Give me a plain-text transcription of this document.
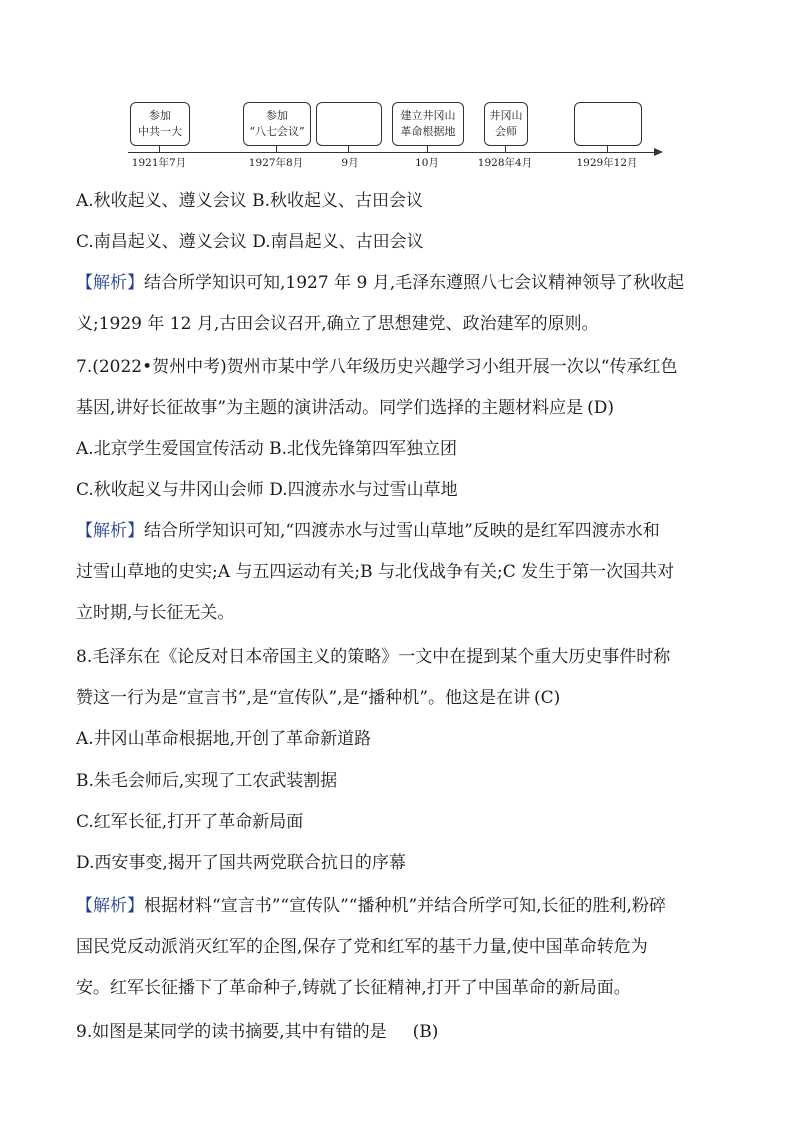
参加
中共一大
参加
“八七会议”
建立井冈山
革命根据地
井冈山
会师
1921年7月	1927年8月	9月	10月	1928年4月	1929年12月
A.秋收起义、遵义会议 B.秋收起义、古田会议
C.南昌起义、遵义会议 D.南昌起义、古田会议
【解析】结合所学知识可知,1927 年 9 月,毛泽东遵照八七会议精神领导了秋收起
义;1929 年 12 月,古田会议召开,确立了思想建党、政治建军的原则。
7.(2022•贺州中考)贺州市某中学八年级历史兴趣学习小组开展一次以“传承红色
基因,讲好长征故事”为主题的演讲活动。同学们选择的主题材料应是 (D)
A.北京学生爱国宣传活动 B.北伐先锋第四军独立团
C.秋收起义与井冈山会师 D.四渡赤水与过雪山草地
【解析】结合所学知识可知,“四渡赤水与过雪山草地”反映的是红军四渡赤水和
过雪山草地的史实;A 与五四运动有关;B 与北伐战争有关;C 发生于第一次国共对
立时期,与长征无关。
8.毛泽东在《论反对日本帝国主义的策略》一文中在提到某个重大历史事件时称
赞这一行为是“宣言书”,是“宣传队”,是“播种机”。他这是在讲 (C)
A.井冈山革命根据地,开创了革命新道路
B.朱毛会师后,实现了工农武装割据
C.红军长征,打开了革命新局面
D.西安事变,揭开了国共两党联合抗日的序幕
【解析】根据材料“宣言书”“宣传队”“播种机”并结合所学可知,长征的胜利,粉碎
国民党反动派消灭红军的企图,保存了党和红军的基干力量,使中国革命转危为
安。红军长征播下了革命种子,铸就了长征精神,打开了中国革命的新局面。
9.如图是某同学的读书摘要,其中有错的是 (B)
